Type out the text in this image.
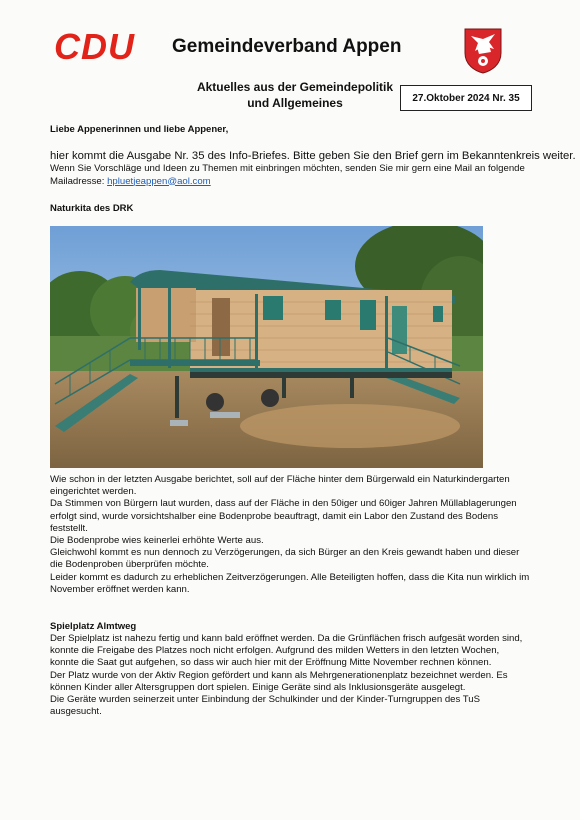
CDU Gemeindeverband Appen
Aktuelles aus der Gemeindepolitik
und Allgemeines	27.Oktober 2024 Nr. 35
Liebe Appenerinnen und liebe Appener,
hier kommt die Ausgabe Nr. 35 des Info-Briefes. Bitte geben Sie den Brief gern im Bekanntenkreis weiter.
Wenn Sie Vorschläge und Ideen zu Themen mit einbringen möchten, senden Sie mir gern eine Mail an folgende Mailadresse: hpluetjeappen@aol.com
Naturkita des DRK

Wie schon in der letzten Ausgabe berichtet, soll auf der Fläche hinter dem Bürgerwald ein Naturkindergarten eingerichtet werden.

Da Stimmen von Bürgern laut wurden, dass auf der Fläche in den 50iger und 60iger Jahren Müllablagerungen erfolgt sind, wurde vorsichtshalber eine Bodenprobe beauftragt, damit ein Labor den Zustand des Bodens feststellt.

Die Bodenprobe wies keinerlei erhöhte Werte aus.

Gleichwohl kommt es nun dennoch zu Verzögerungen, da sich Bürger an den Kreis gewandt haben und dieser die Bodenproben überprüfen möchte.

Leider kommt es dadurch zu erheblichen Zeitverzögerungen. Alle Beteiligten hoffen, dass die Kita nun wirklich im November eröffnet werden kann.

Spielplatz Almtweg

Der Spielplatz ist nahezu fertig und kann bald eröffnet werden. Da die Grünflächen frisch aufgesät worden sind, konnte die Freigabe des Platzes noch nicht erfolgen. Aufgrund des milden Wetters in den letzten Wochen, konnte die Saat gut aufgehen, so dass wir auch hier mit der Eröffnung Mitte November rechnen können.

Der Platz wurde von der Aktiv Region gefördert und kann als Mehrgenerationenplatz bezeichnet werden. Es können Kinder aller Altersgruppen dort spielen. Einige Geräte sind als Inklusionsgeräte ausgelegt.

Die Geräte wurden seinerzeit unter Einbindung der Schulkinder und der Kinder-Turngruppen des TuS ausgesucht.
